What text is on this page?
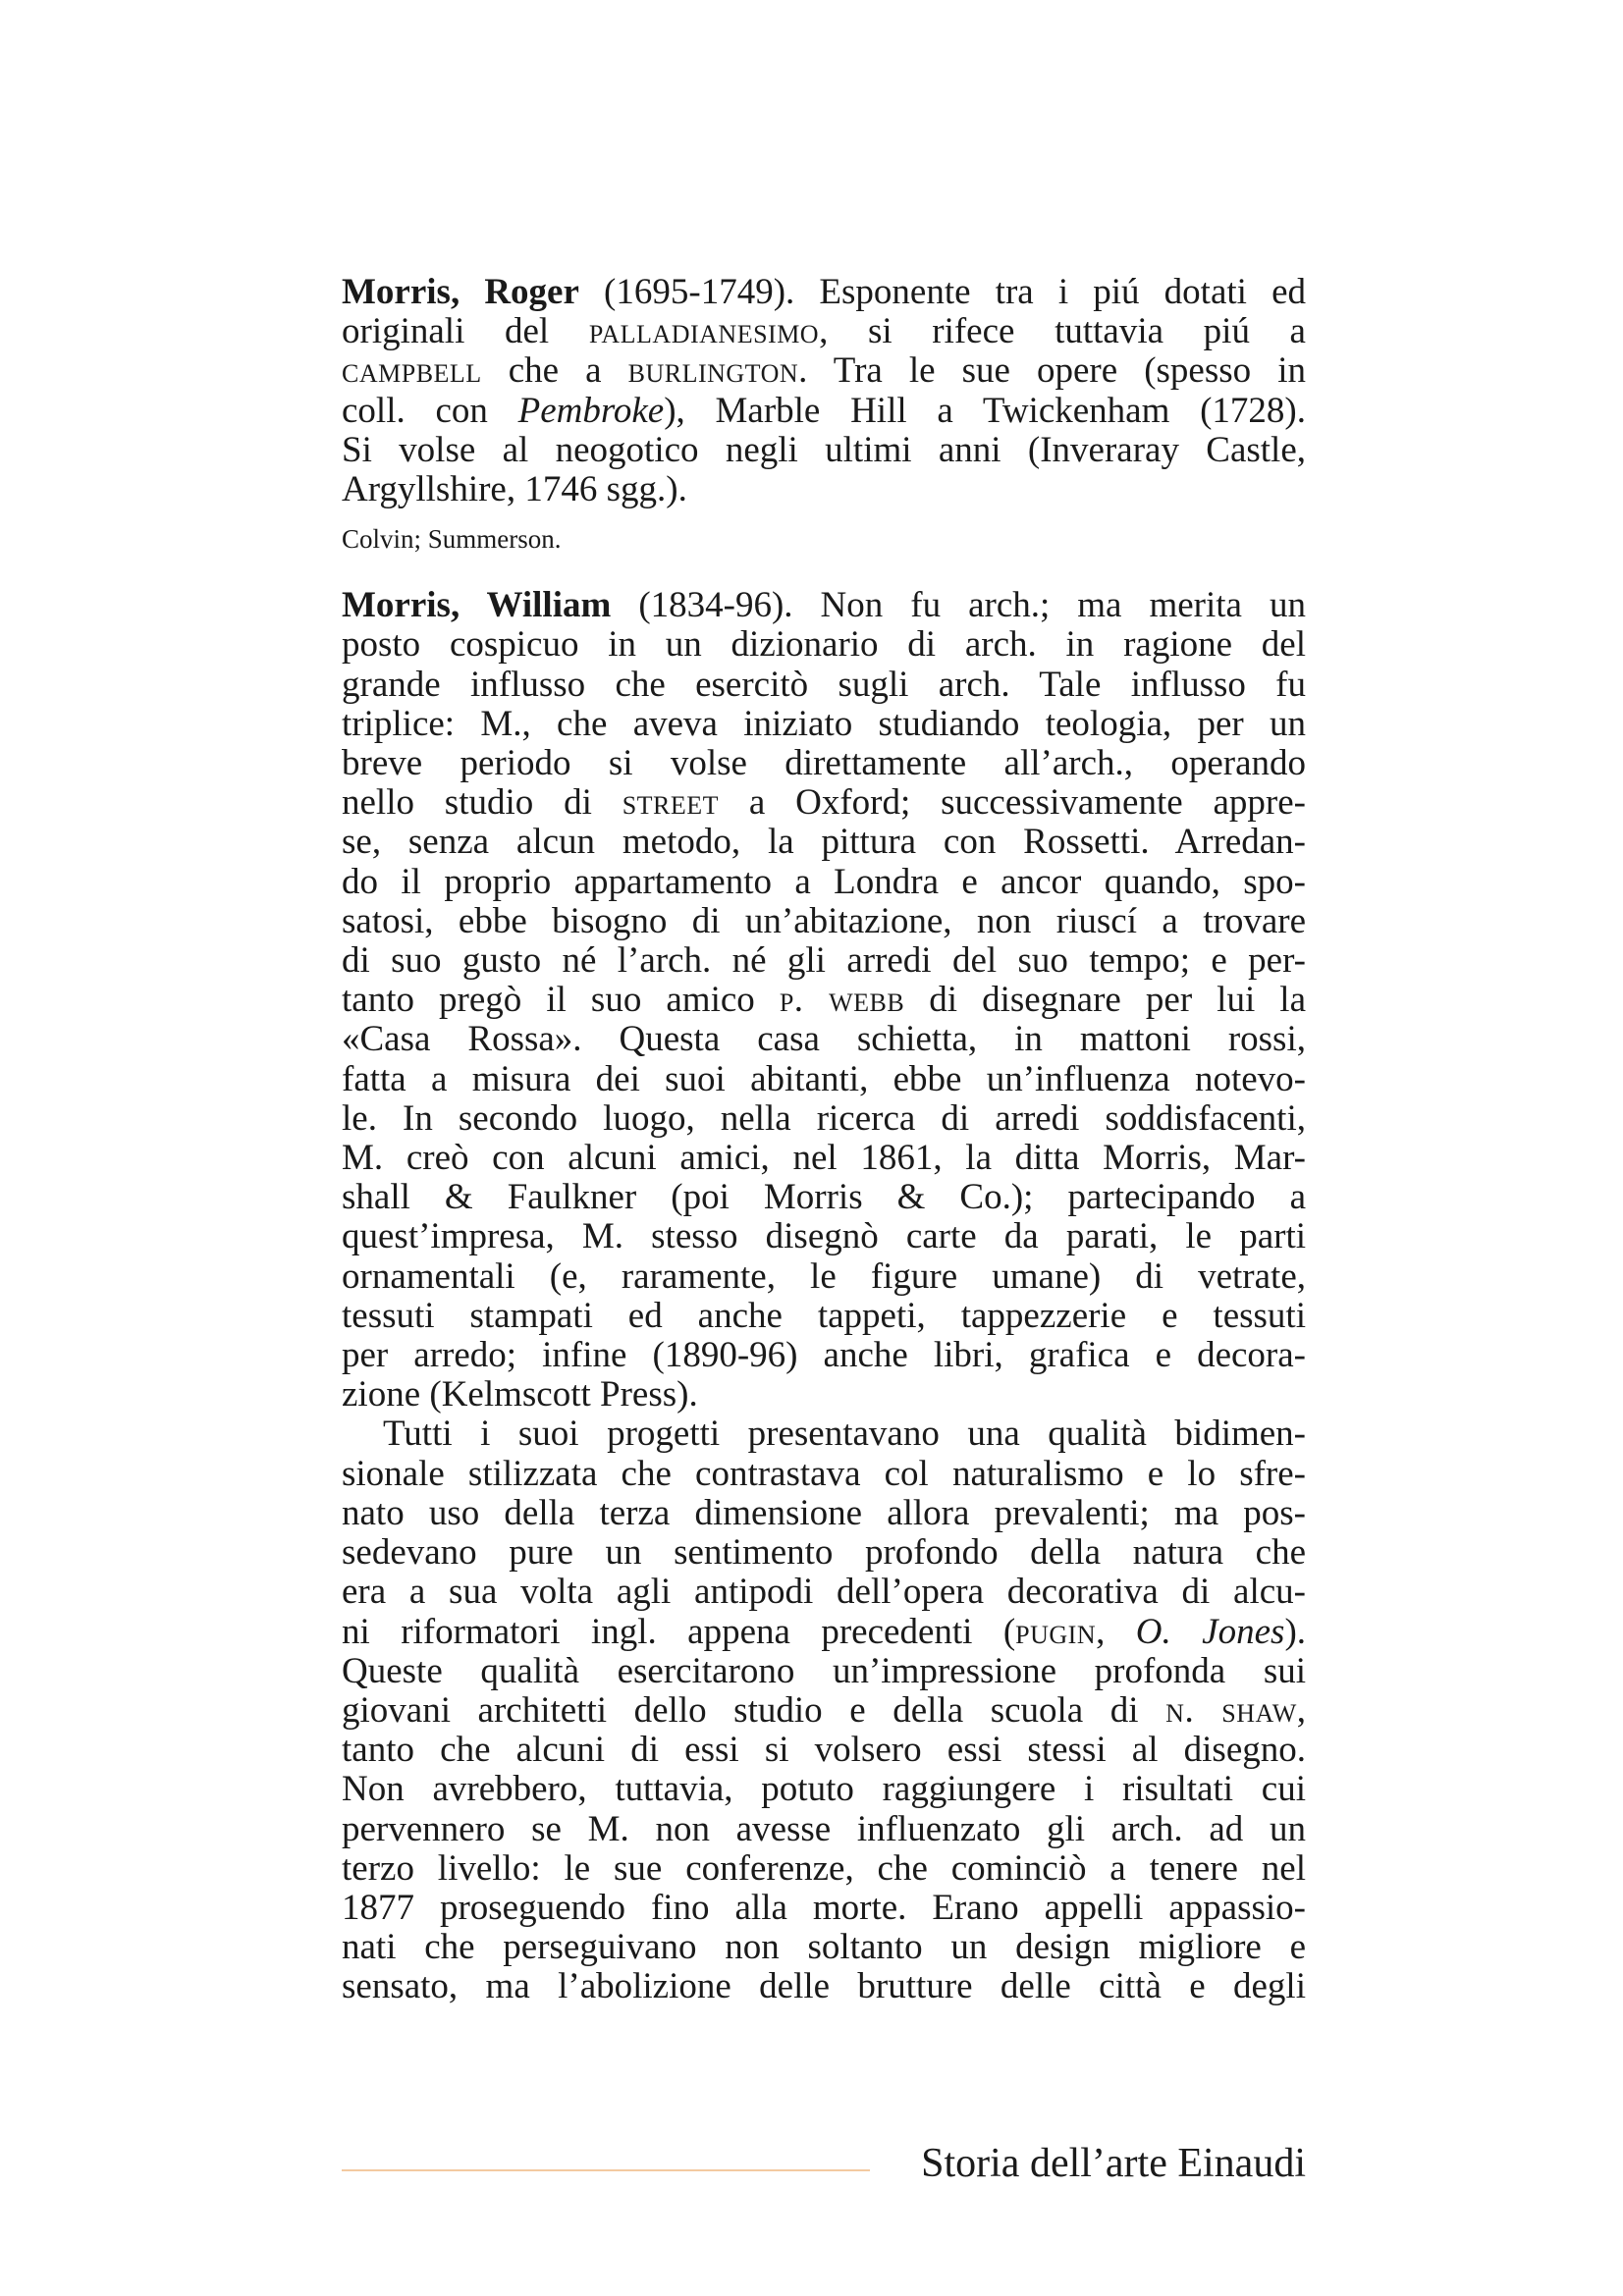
Morris, Roger (1695-1749). Esponente tra i piú dotati ed
originali del palladianesimo, si rifece tuttavia piú a
campbell che a burlington. Tra le sue opere (spesso in
coll. con Pembroke), Marble Hill a Twickenham (1728).
Si volse al neogotico negli ultimi anni (Inveraray Castle,
Argyllshire, 1746 sgg.).
Colvin; Summerson.
Morris, William (1834-96). Non fu arch.; ma merita un
posto cospicuo in un dizionario di arch. in ragione del
grande influsso che esercitò sugli arch. Tale influsso fu
triplice: M., che aveva iniziato studiando teologia, per un
breve periodo si volse direttamente all’arch., operando
nello studio di street a Oxford; successivamente appre-
se, senza alcun metodo, la pittura con Rossetti. Arredan-
do il proprio appartamento a Londra e ancor quando, spo-
satosi, ebbe bisogno di un’abitazione, non riuscí a trovare
di suo gusto né l’arch. né gli arredi del suo tempo; e per-
tanto pregò il suo amico p. webb di disegnare per lui la
«Casa Rossa». Questa casa schietta, in mattoni rossi,
fatta a misura dei suoi abitanti, ebbe un’influenza notevo-
le. In secondo luogo, nella ricerca di arredi soddisfacenti,
M. creò con alcuni amici, nel 1861, la ditta Morris, Mar-
shall & Faulkner (poi Morris & Co.); partecipando a
quest’impresa, M. stesso disegnò carte da parati, le parti
ornamentali (e, raramente, le figure umane) di vetrate,
tessuti stampati ed anche tappeti, tappezzerie e tessuti
per arredo; infine (1890-96) anche libri, grafica e decora-
zione (Kelmscott Press).
Tutti i suoi progetti presentavano una qualità bidimen-
sionale stilizzata che contrastava col naturalismo e lo sfre-
nato uso della terza dimensione allora prevalenti; ma pos-
sedevano pure un sentimento profondo della natura che
era a sua volta agli antipodi dell’opera decorativa di alcu-
ni riformatori ingl. appena precedenti (pugin, O. Jones).
Queste qualità esercitarono un’impressione profonda sui
giovani architetti dello studio e della scuola di n. shaw,
tanto che alcuni di essi si volsero essi stessi al disegno.
Non avrebbero, tuttavia, potuto raggiungere i risultati cui
pervennero se M. non avesse influenzato gli arch. ad un
terzo livello: le sue conferenze, che cominciò a tenere nel
1877 proseguendo fino alla morte. Erano appelli appassio-
nati che perseguivano non soltanto un design migliore e
sensato, ma l’abolizione delle brutture delle città e degli
Storia dell’arte Einaudi
